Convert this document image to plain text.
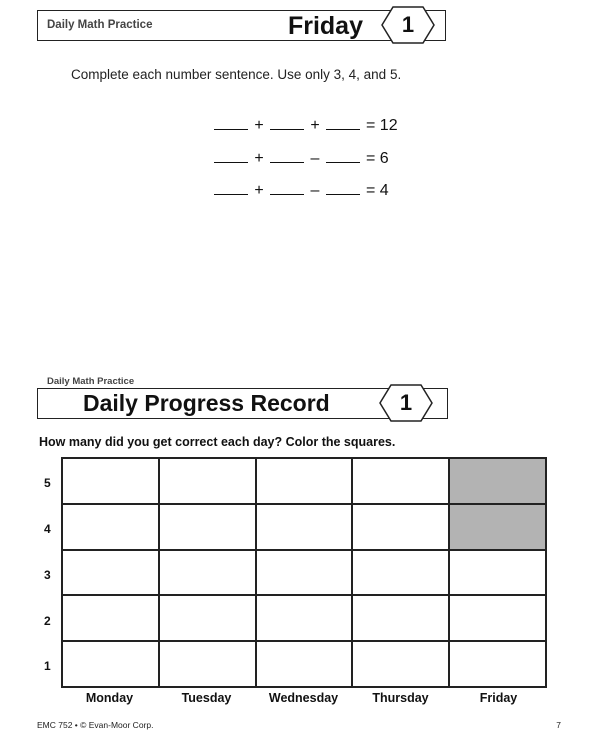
Daily Math Practice	Friday	1
Complete each number sentence. Use only 3, 4, and 5.
+	+	= 12
+	–	= 6
+	–	= 4
Daily Math Practice
Daily Progress Record	1
How many did you get correct each day? Color the squares.
5
4
3
2
1
Monday	Tuesday	Wednesday	Thursday	Friday
EMC 752 • © Evan-Moor Corp.	7
